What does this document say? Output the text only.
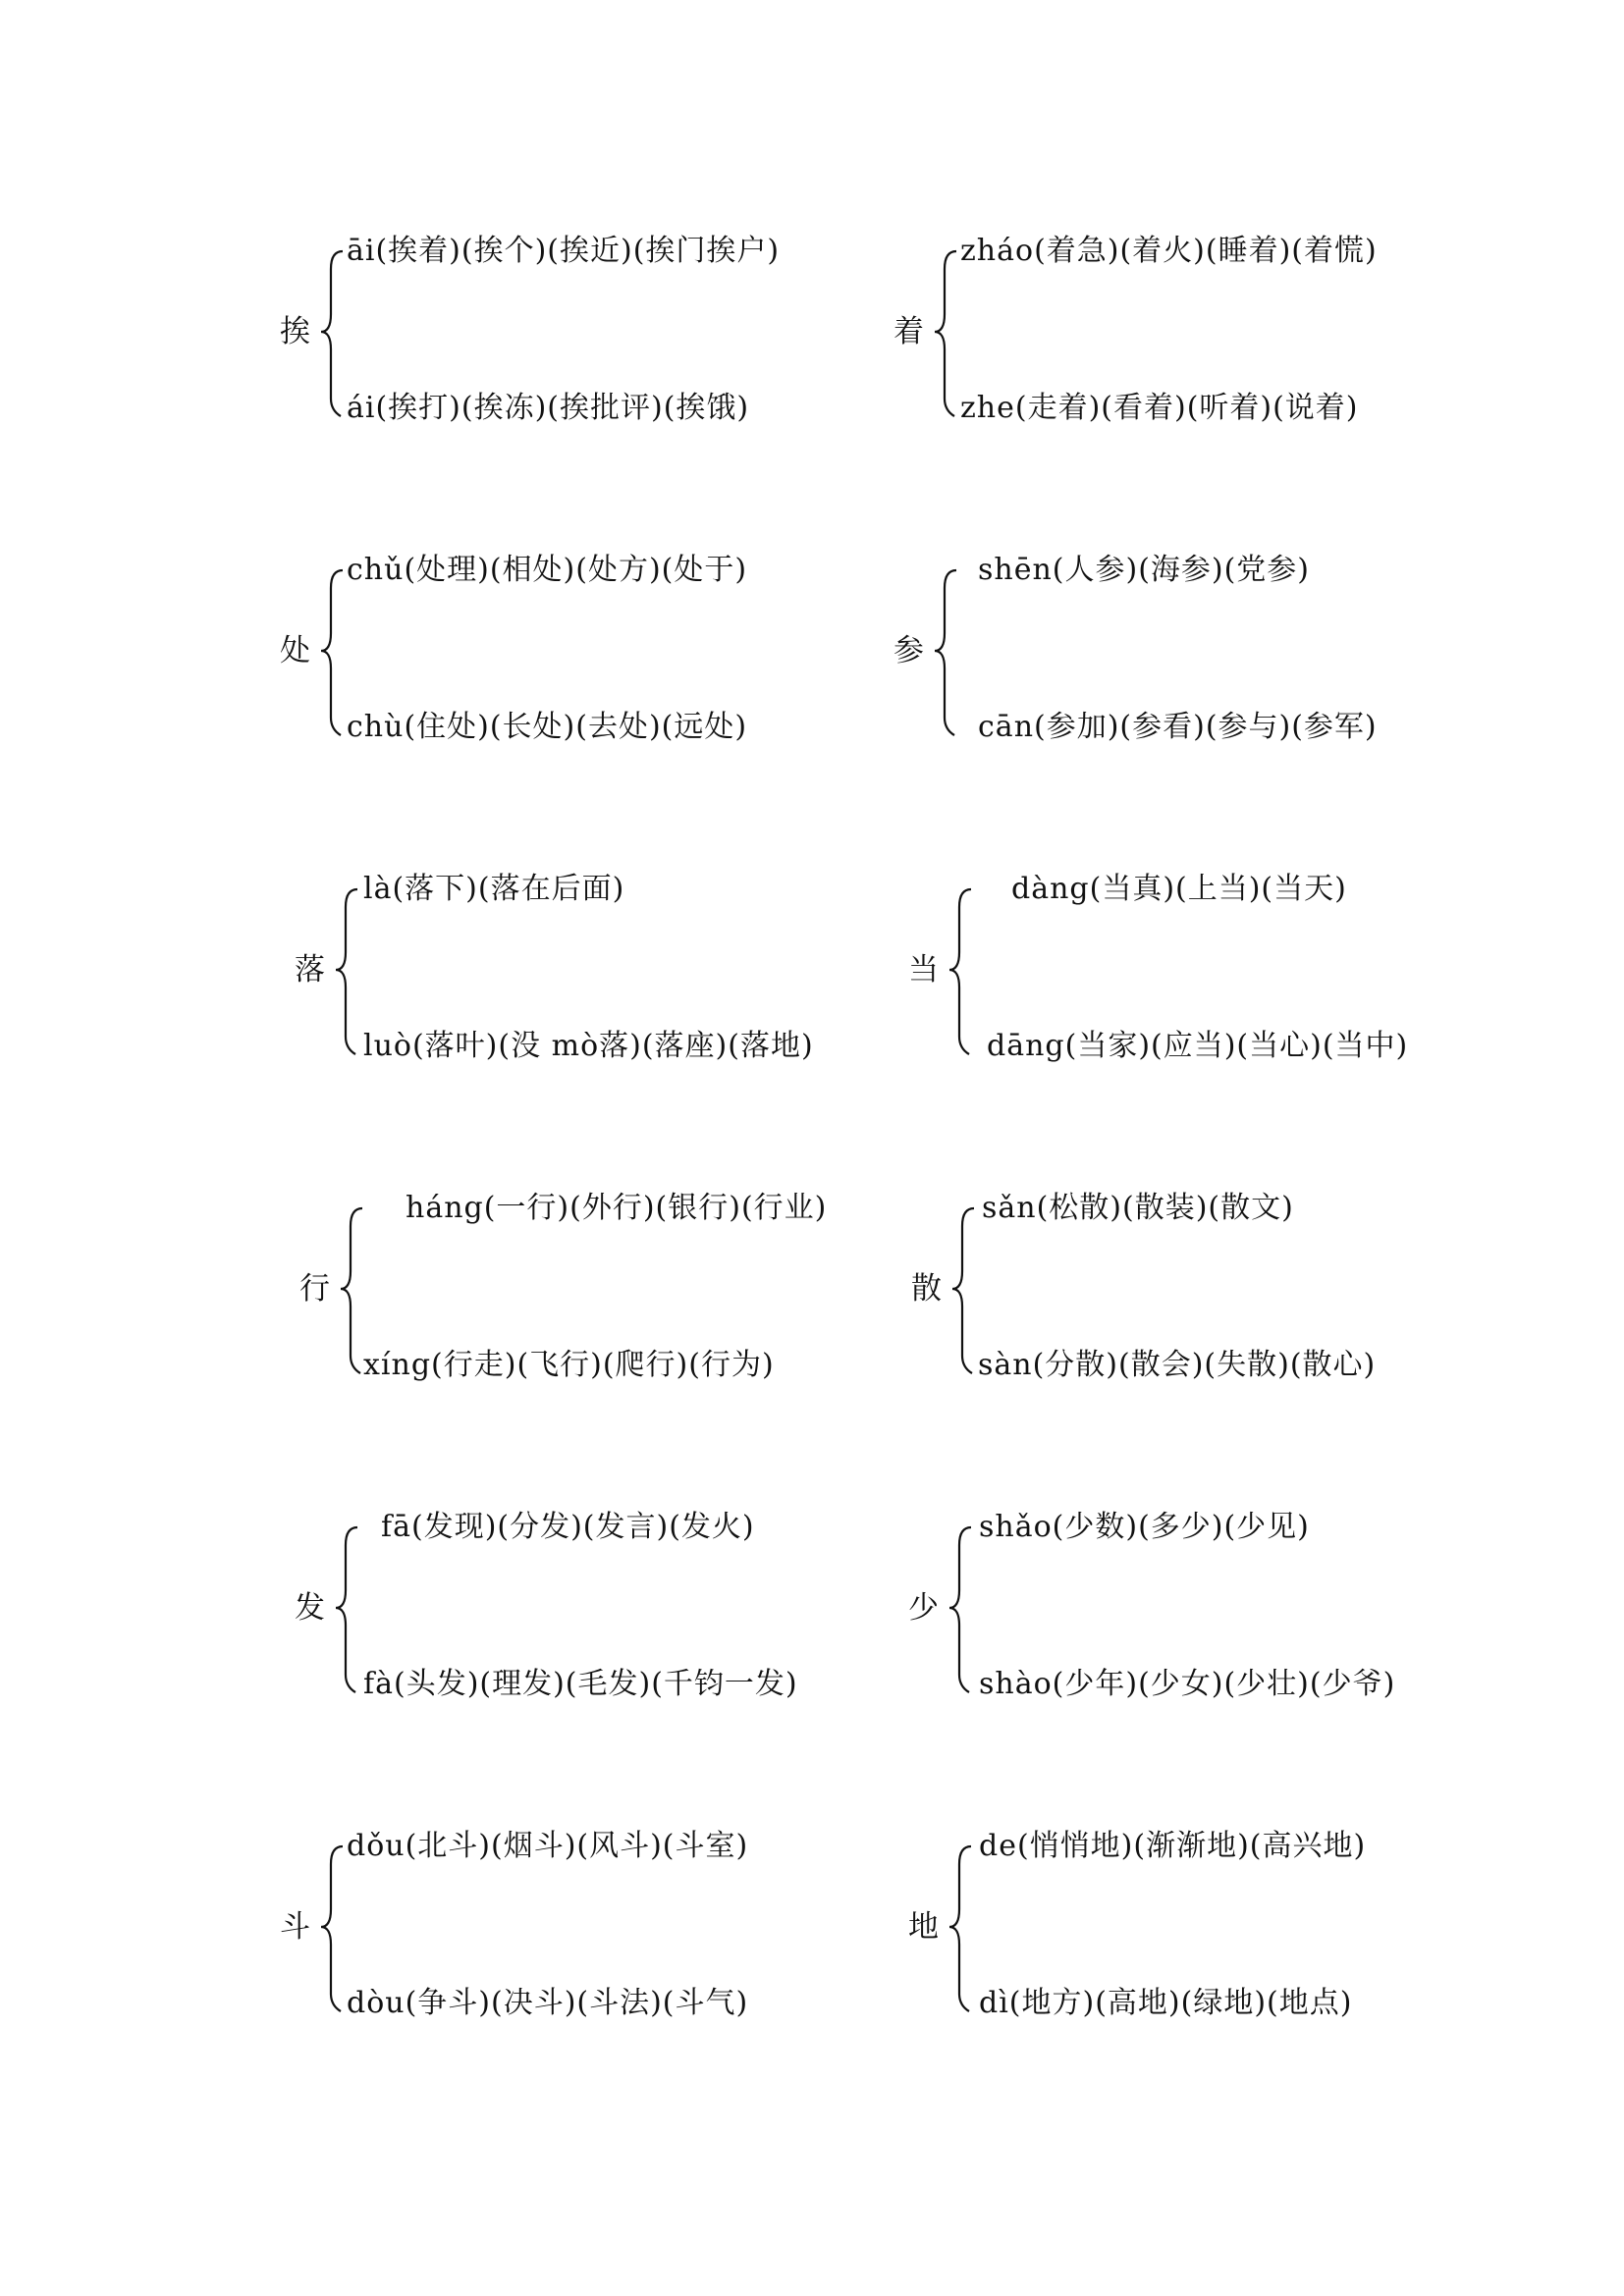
挨
āi(挨着)(挨个)(挨近)(挨门挨户)
ái(挨打)(挨冻)(挨批评)(挨饿)
着
zháo(着急)(着火)(睡着)(着慌)
zhe(走着)(看着)(听着)(说着)
处
chǔ(处理)(相处)(处方)(处于)
chù(住处)(长处)(去处)(远处)
参
shēn(人参)(海参)(党参)
cān(参加)(参看)(参与)(参军)
落
là(落下)(落在后面)
luò(落叶)(没 mò落)(落座)(落地)
当
dàng(当真)(上当)(当天)
dāng(当家)(应当)(当心)(当中)
行
háng(一行)(外行)(银行)(行业)
xíng(行走)(飞行)(爬行)(行为)
散
sǎn(松散)(散装)(散文)
sàn(分散)(散会)(失散)(散心)
发
fā(发现)(分发)(发言)(发火)
fà(头发)(理发)(毛发)(千钧一发)
少
shǎo(少数)(多少)(少见)
shào(少年)(少女)(少壮)(少爷)
斗
dǒu(北斗)(烟斗)(风斗)(斗室)
dòu(争斗)(决斗)(斗法)(斗气)
地
de(悄悄地)(渐渐地)(高兴地)
dì(地方)(高地)(绿地)(地点)
